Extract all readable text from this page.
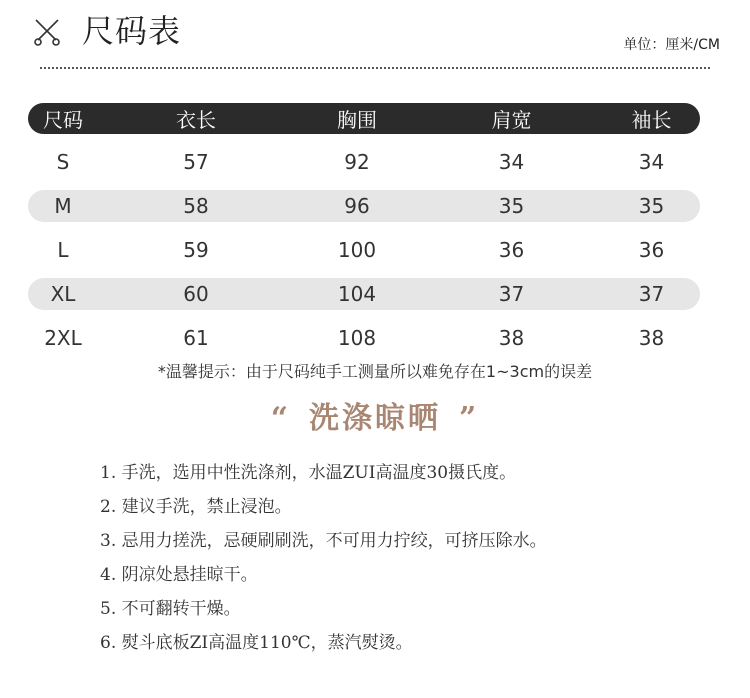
尺码表	单位：厘米/CM
尺码	衣长	胸围	肩宽	袖长
S	57	92	34	34
M	58	96	35	35
L	59	100	36	36
XL	60	104	37	37
2XL	61	108	38	38
*温馨提示：由于尺码纯手工测量所以难免存在1~3cm的误差
“ 洗涤晾晒 ”
1. 手洗，选用中性洗涤剂，水温ZUI高温度30摄氏度。
2. 建议手洗，禁止浸泡。
3. 忌用力搓洗，忌硬刷刷洗，不可用力拧绞，可挤压除水。
4. 阴凉处悬挂晾干。
5. 不可翻转干燥。
6. 熨斗底板ZI高温度110℃，蒸汽熨烫。
